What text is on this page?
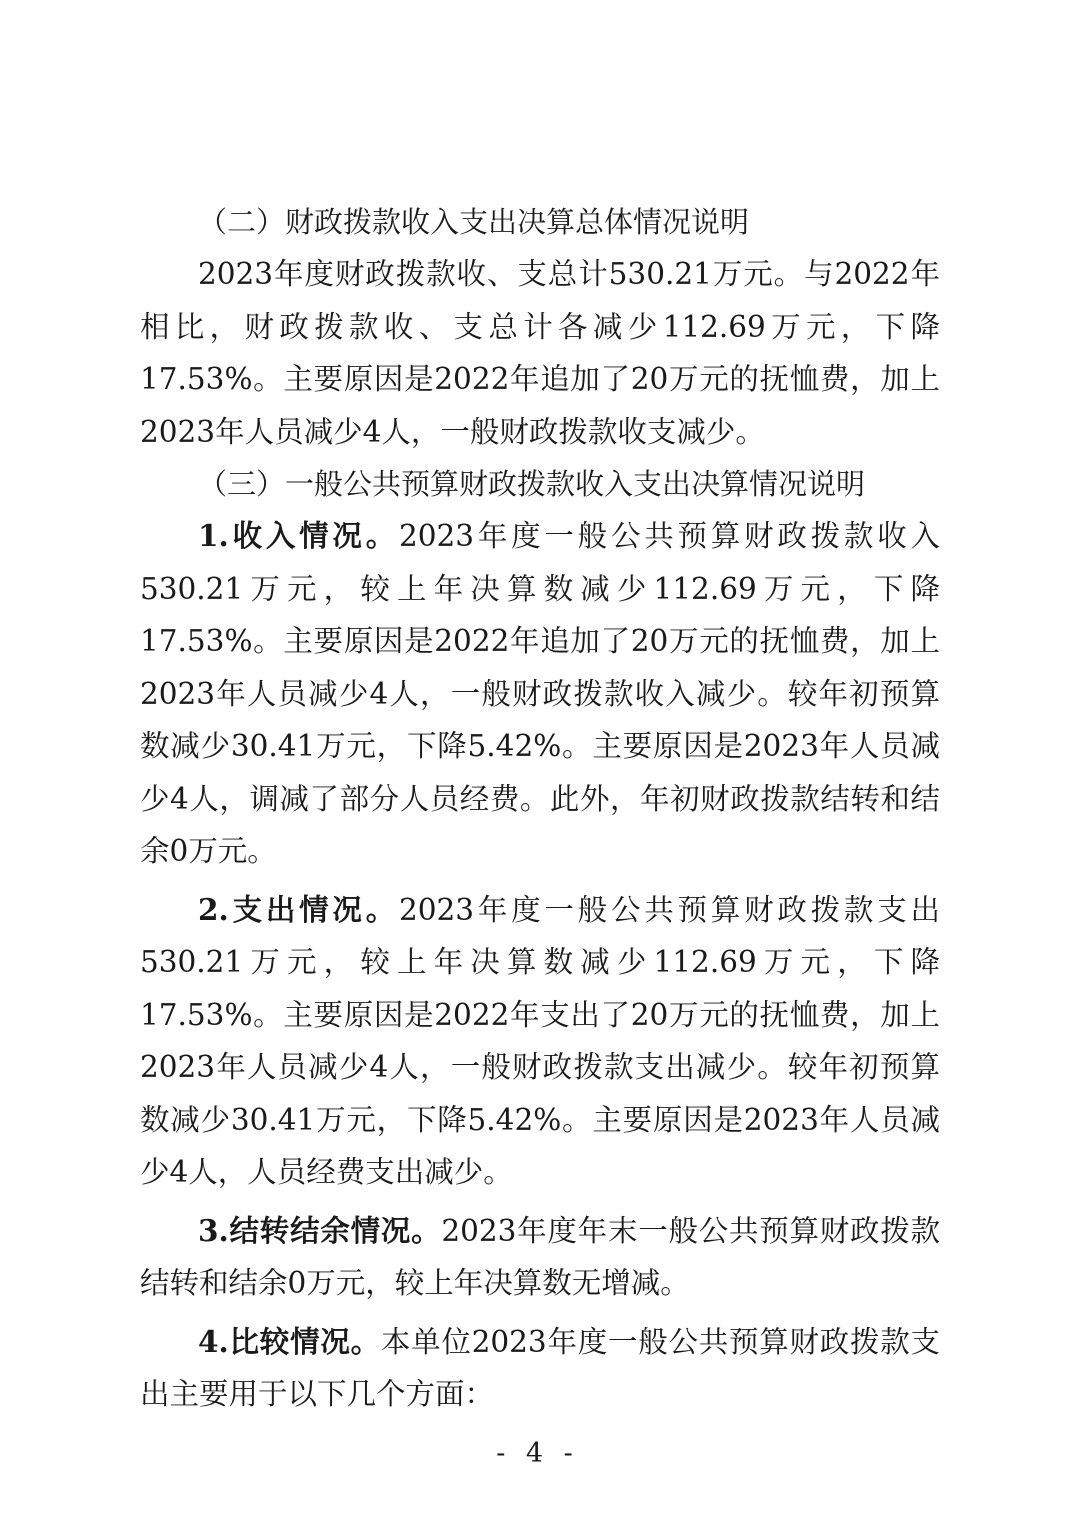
（二）财政拨款收入支出决算总体情况说明

2023年度财政拨款收、支总计530.21万元。与2022年相比，财政拨款收、支总计各减少112.69万元，下降17.53%。主要原因是2022年追加了20万元的抚恤费，加上2023年人员减少4人，一般财政拨款收支减少。

（三）一般公共预算财政拨款收入支出决算情况说明

1.收入情况。2023年度一般公共预算财政拨款收入530.21万元，较上年决算数减少112.69万元，下降17.53%。主要原因是2022年追加了20万元的抚恤费，加上2023年人员减少4人，一般财政拨款收入减少。较年初预算数减少30.41万元，下降5.42%。主要原因是2023年人员减少4人，调减了部分人员经费。此外，年初财政拨款结转和结余0万元。

2.支出情况。2023年度一般公共预算财政拨款支出530.21万元，较上年决算数减少112.69万元，下降17.53%。主要原因是2022年支出了20万元的抚恤费，加上2023年人员减少4人，一般财政拨款支出减少。较年初预算数减少30.41万元，下降5.42%。主要原因是2023年人员减少4人，人员经费支出减少。

3.结转结余情况。2023年度年末一般公共预算财政拨款结转和结余0万元，较上年决算数无增减。

4.比较情况。本单位2023年度一般公共预算财政拨款支出主要用于以下几个方面：

- 4 -
